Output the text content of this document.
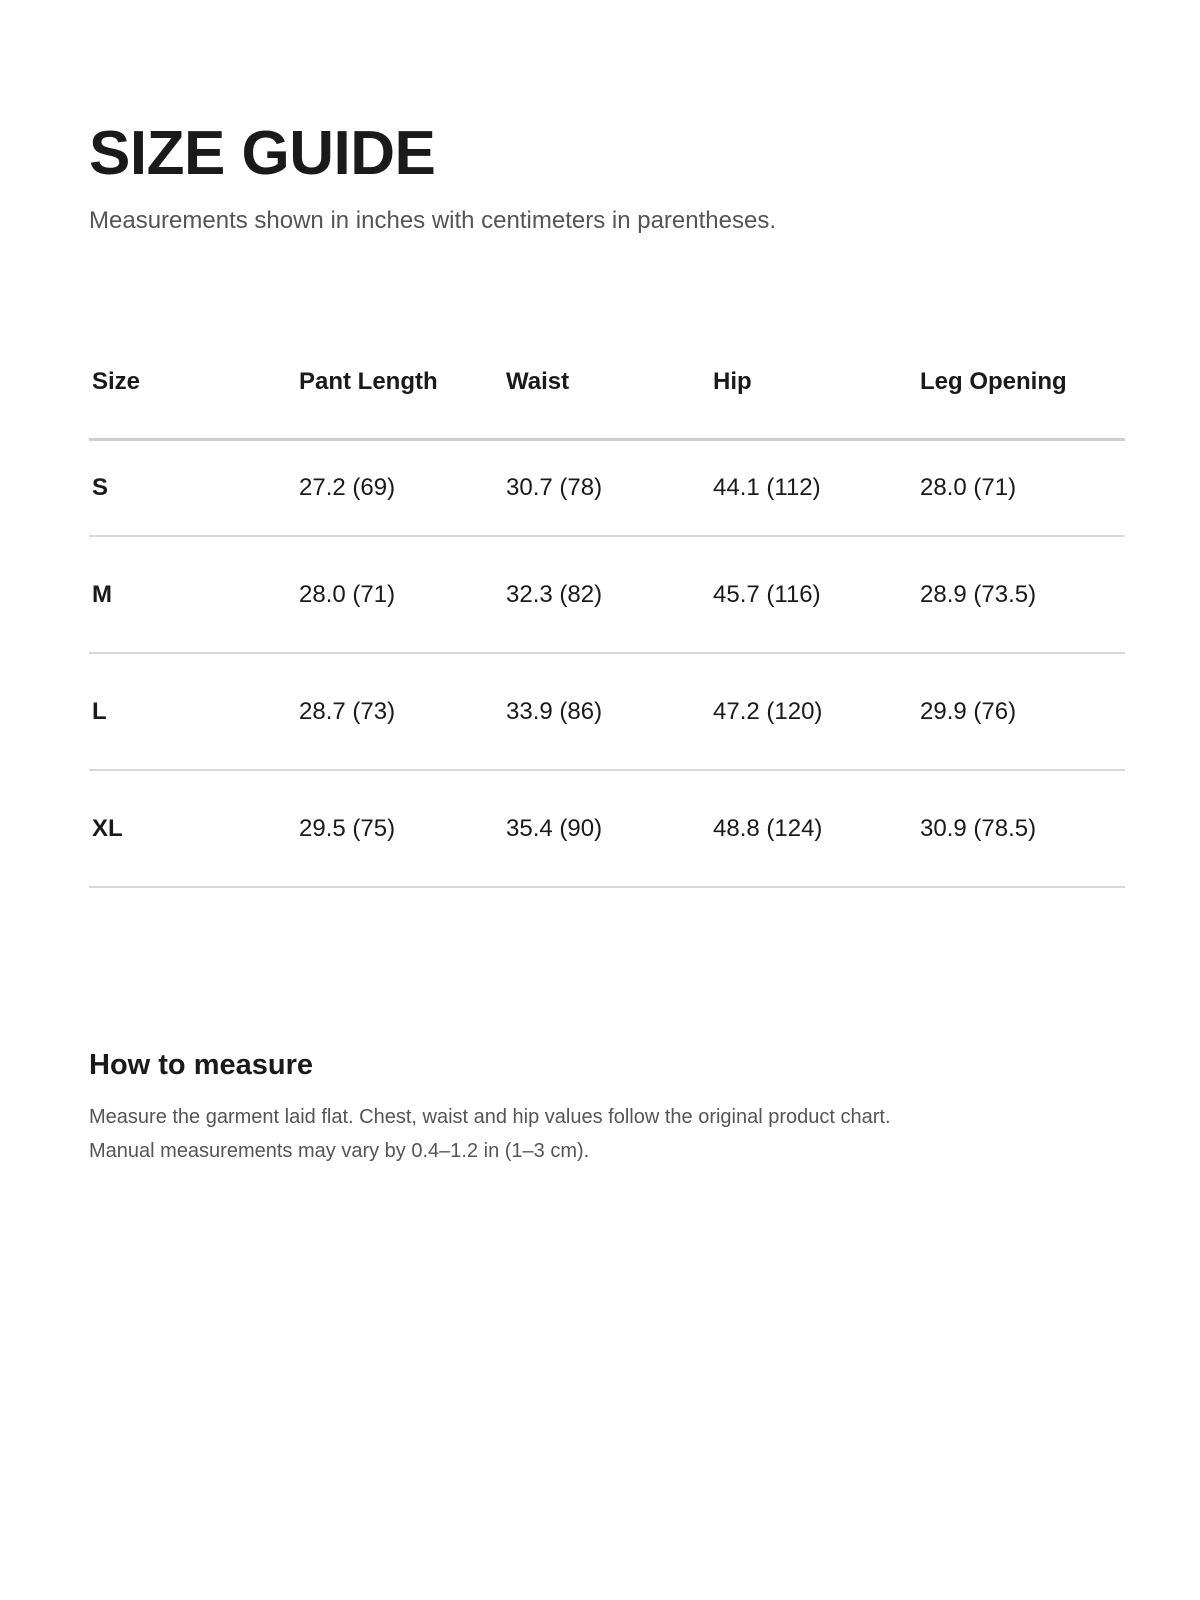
SIZE GUIDE

Measurements shown in inches with centimeters in parentheses.

Size	Pant Length	Waist	Hip	Leg Opening
S	27.2 (69)	30.7 (78)	44.1 (112)	28.0 (71)
M	28.0 (71)	32.3 (82)	45.7 (116)	28.9 (73.5)
L	28.7 (73)	33.9 (86)	47.2 (120)	29.9 (76)
XL	29.5 (75)	35.4 (90)	48.8 (124)	30.9 (78.5)
How to measure

Measure the garment laid flat. Chest, waist and hip values follow the original product chart.
Manual measurements may vary by 0.4–1.2 in (1–3 cm).
